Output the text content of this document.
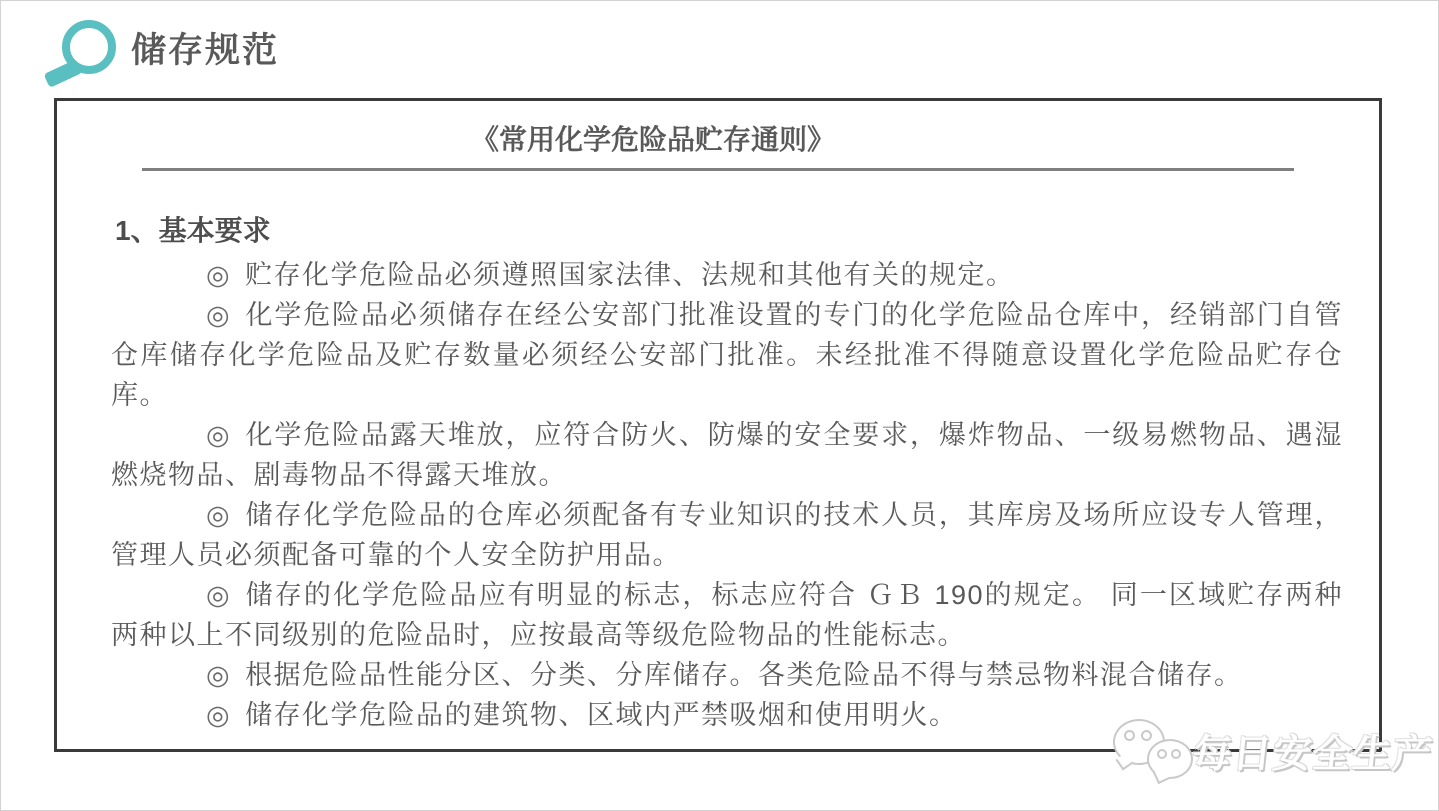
储存规范
《常用化学危险品贮存通则》
1、基本要求

◎ 贮存化学危险品必须遵照国家法律、法规和其他有关的规定。

◎ 化学危险品必须储存在经公安部门批准设置的专门的化学危险品仓库中，经销部门自管仓库储存化学危险品及贮存数量必须经公安部门批准。未经批准不得随意设置化学危险品贮存仓库。

◎ 化学危险品露天堆放，应符合防火、防爆的安全要求，爆炸物品、一级易燃物品、遇湿燃烧物品、剧毒物品不得露天堆放。

◎ 储存化学危险品的仓库必须配备有专业知识的技术人员，其库房及场所应设专人管理，管理人员必须配备可靠的个人安全防护用品。

◎ 储存的化学危险品应有明显的标志，标志应符合 ＧＢ 190的规定。 同一区域贮存两种两种以上不同级别的危险品时，应按最高等级危险物品的性能标志。

◎ 根据危险品性能分区、分类、分库储存。各类危险品不得与禁忌物料混合储存。

◎ 储存化学危险品的建筑物、区域内严禁吸烟和使用明火。

每日安全生产
